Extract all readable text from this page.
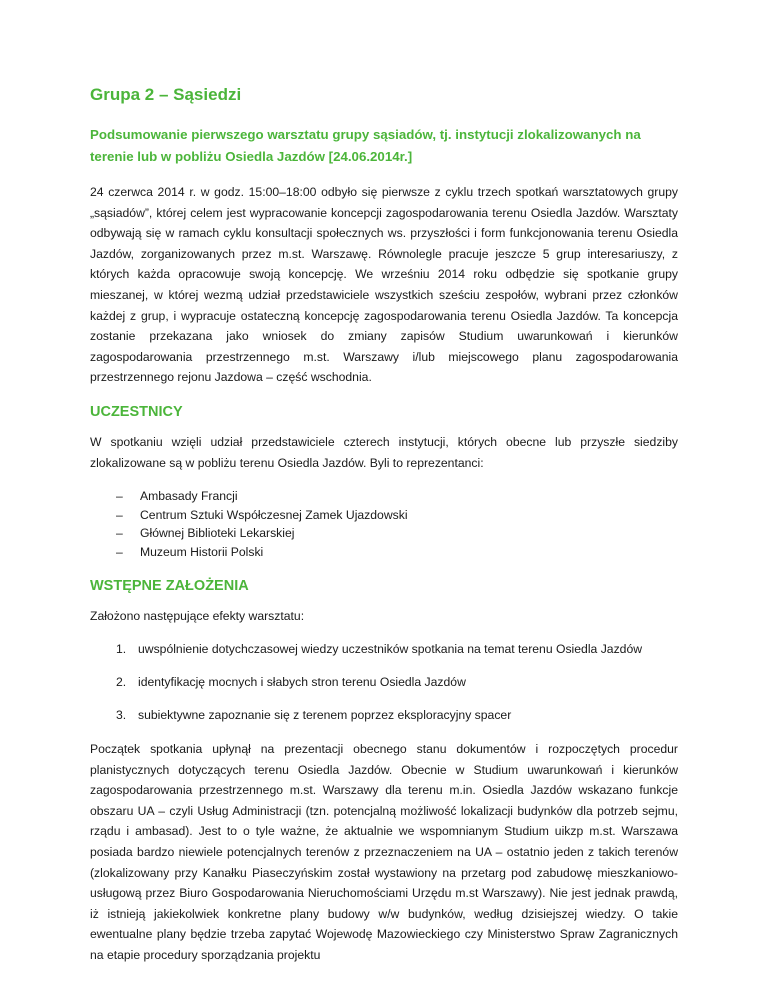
Grupa 2 – Sąsiedzi
Podsumowanie pierwszego warsztatu grupy sąsiadów, tj. instytucji zlokalizowanych na terenie lub w pobliżu Osiedla Jazdów [24.06.2014r.]

24 czerwca 2014 r. w godz. 15:00–18:00 odbyło się pierwsze z cyklu trzech spotkań warsztatowych grupy „sąsiadów”, której celem jest wypracowanie koncepcji zagospodarowania terenu Osiedla Jazdów. Warsztaty odbywają się w ramach cyklu konsultacji społecznych ws. przyszłości i form funkcjonowania terenu Osiedla Jazdów, zorganizowanych przez m.st. Warszawę. Równolegle pracuje jeszcze 5 grup interesariuszy, z których każda opracowuje swoją koncepcję. We wrześniu 2014 roku odbędzie się spotkanie grupy mieszanej, w której wezmą udział przedstawiciele wszystkich sześciu zespołów, wybrani przez członków każdej z grup, i wypracuje ostateczną koncepcję zagospodarowania terenu Osiedla Jazdów. Ta koncepcja zostanie przekazana jako wniosek do zmiany zapisów Studium uwarunkowań i kierunków zagospodarowania przestrzennego m.st. Warszawy i/lub miejscowego planu zagospodarowania przestrzennego rejonu Jazdowa – część wschodnia.

UCZESTNICY

W spotkaniu wzięli udział przedstawiciele czterech instytucji, których obecne lub przyszłe siedziby zlokalizowane są w pobliżu terenu Osiedla Jazdów. Byli to reprezentanci:

– Ambasady Francji
– Centrum Sztuki Współczesnej Zamek Ujazdowski
– Głównej Biblioteki Lekarskiej
– Muzeum Historii Polski
WSTĘPNE ZAŁOŻENIA

Założono następujące efekty warsztatu:

1. uwspólnienie dotychczasowej wiedzy uczestników spotkania na temat terenu Osiedla Jazdów
2. identyfikację mocnych i słabych stron terenu Osiedla Jazdów
3. subiektywne zapoznanie się z terenem poprzez eksploracyjny spacer

Początek spotkania upłynął na prezentacji obecnego stanu dokumentów i rozpoczętych procedur planistycznych dotyczących terenu Osiedla Jazdów. Obecnie w Studium uwarunkowań i kierunków zagospodarowania przestrzennego m.st. Warszawy dla terenu m.in. Osiedla Jazdów wskazano funkcje obszaru UA – czyli Usług Administracji (tzn. potencjalną możliwość lokalizacji budynków dla potrzeb sejmu, rządu i ambasad). Jest to o tyle ważne, że aktualnie we wspomnianym Studium uikzp m.st. Warszawa posiada bardzo niewiele potencjalnych terenów z przeznaczeniem na UA – ostatnio jeden z takich terenów (zlokalizowany przy Kanałku Piaseczyńskim został wystawiony na przetarg pod zabudowę mieszkaniowo-usługową przez Biuro Gospodarowania Nieruchomościami Urzędu m.st Warszawy). Nie jest jednak prawdą, iż istnieją jakiekolwiek konkretne plany budowy w/w budynków, według dzisiejszej wiedzy. O takie ewentualne plany będzie trzeba zapytać Wojewodę Mazowieckiego czy Ministerstwo Spraw Zagranicznych na etapie procedury sporządzania projektu
